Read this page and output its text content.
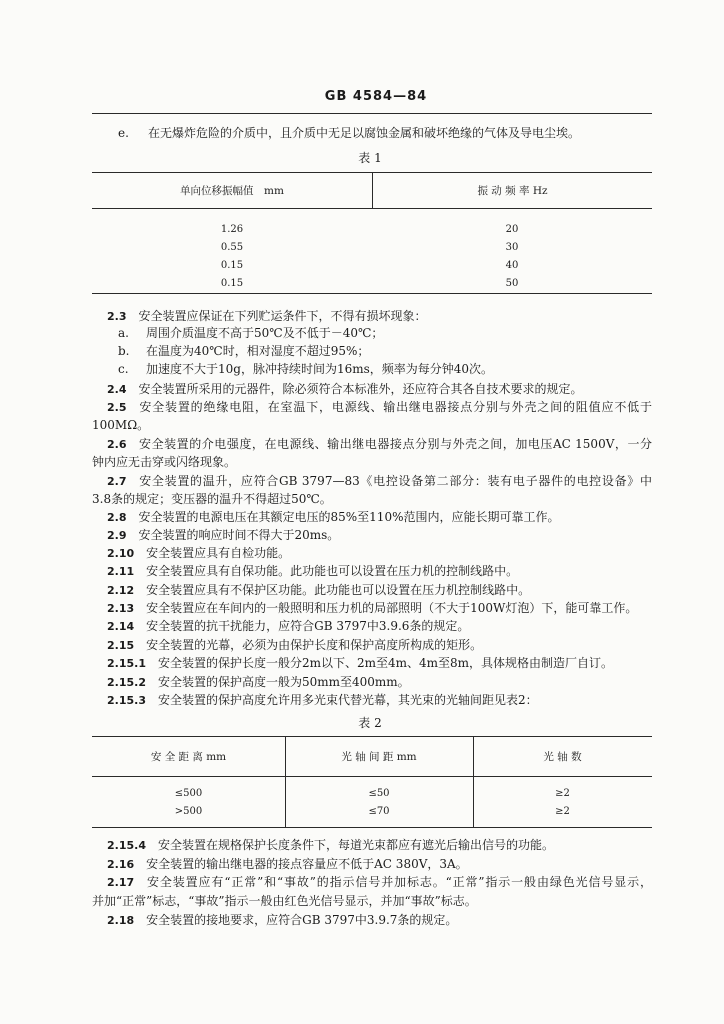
GB 4584—84
e. 在无爆炸危险的介质中，且介质中无足以腐蚀金属和破坏绝缘的气体及导电尘埃。
表 1
单向位移振幅值　mm	振 动 频 率 Hz
1.26	20
0.55	30
0.15	40
0.15	50
2.3 安全装置应保证在下列贮运条件下，不得有损坏现象：
a. 周围介质温度不高于50℃及不低于－40℃；
b. 在温度为40℃时，相对湿度不超过95%；
c. 加速度不大于10g，脉冲持续时间为16ms，频率为每分钟40次。
2.4 安全装置所采用的元器件，除必须符合本标准外，还应符合其各自技术要求的规定。
2.5 安全装置的绝缘电阻，在室温下，电源线、输出继电器接点分别与外壳之间的阻值应不低于
100MΩ。
2.6 安全装置的介电强度，在电源线、输出继电器接点分别与外壳之间，加电压AC 1500V，一分
钟内应无击穿或闪络现象。
2.7 安全装置的温升，应符合GB 3797—83《电控设备第二部分：装有电子器件的电控设备》中
3.8条的规定；变压器的温升不得超过50℃。
2.8 安全装置的电源电压在其额定电压的85%至110%范围内，应能长期可靠工作。
2.9 安全装置的响应时间不得大于20ms。
2.10 安全装置应具有自检功能。
2.11 安全装置应具有自保功能。此功能也可以设置在压力机的控制线路中。
2.12 安全装置应具有不保护区功能。此功能也可以设置在压力机控制线路中。
2.13 安全装置应在车间内的一般照明和压力机的局部照明（不大于100W灯泡）下，能可靠工作。
2.14 安全装置的抗干扰能力，应符合GB 3797中3.9.6条的规定。
2.15 安全装置的光幕，必须为由保护长度和保护高度所构成的矩形。
2.15.1 安全装置的保护长度一般分2m以下、2m至4m、4m至8m，具体规格由制造厂自订。
2.15.2 安全装置的保护高度一般为50mm至400mm。
2.15.3 安全装置的保护高度允许用多光束代替光幕，其光束的光轴间距见表2：
表 2
安 全 距 离 mm	光 轴 间 距 mm	光 轴 数
≤500	≤50	≥2
>500	≤70	≥2
2.15.4 安全装置在规格保护长度条件下，每道光束都应有遮光后输出信号的功能。
2.16 安全装置的输出继电器的接点容量应不低于AC 380V，3A。
2.17 安全装置应有“正常”和“事故”的指示信号并加标志。“正常”指示一般由绿色光信号显示，
并加“正常”标志，“事故”指示一般由红色光信号显示，并加“事故”标志。
2.18 安全装置的接地要求，应符合GB 3797中3.9.7条的规定。
